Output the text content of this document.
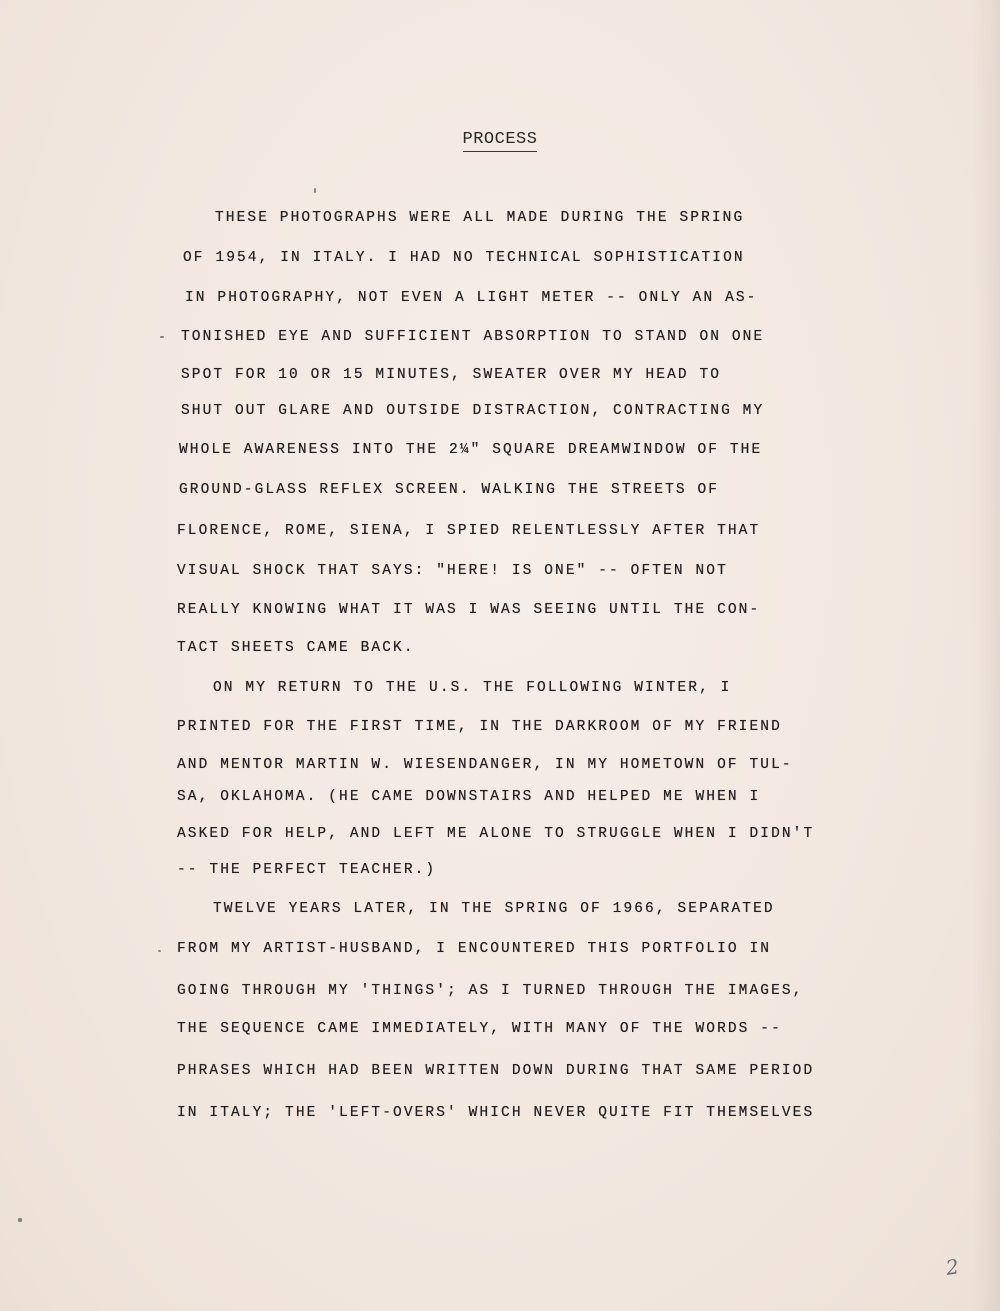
PROCESS
THESE PHOTOGRAPHS WERE ALL MADE DURING THE SPRING
OF 1954, IN ITALY. I HAD NO TECHNICAL SOPHISTICATION
IN PHOTOGRAPHY, NOT EVEN A LIGHT METER -- ONLY AN AS-
TONISHED EYE AND SUFFICIENT ABSORPTION TO STAND ON ONE
SPOT FOR 10 OR 15 MINUTES, SWEATER OVER MY HEAD TO
SHUT OUT GLARE AND OUTSIDE DISTRACTION, CONTRACTING MY
WHOLE AWARENESS INTO THE 2¼" SQUARE DREAMWINDOW OF THE
GROUND-GLASS REFLEX SCREEN. WALKING THE STREETS OF
FLORENCE, ROME, SIENA, I SPIED RELENTLESSLY AFTER THAT
VISUAL SHOCK THAT SAYS: "HERE! IS ONE" -- OFTEN NOT
REALLY KNOWING WHAT IT WAS I WAS SEEING UNTIL THE CON-
TACT SHEETS CAME BACK.
ON MY RETURN TO THE U.S. THE FOLLOWING WINTER, I
PRINTED FOR THE FIRST TIME, IN THE DARKROOM OF MY FRIEND
AND MENTOR MARTIN W. WIESENDANGER, IN MY HOMETOWN OF TUL-
SA, OKLAHOMA. (HE CAME DOWNSTAIRS AND HELPED ME WHEN I
ASKED FOR HELP, AND LEFT ME ALONE TO STRUGGLE WHEN I DIDN'T
-- THE PERFECT TEACHER.)
TWELVE YEARS LATER, IN THE SPRING OF 1966, SEPARATED
FROM MY ARTIST-HUSBAND, I ENCOUNTERED THIS PORTFOLIO IN
GOING THROUGH MY 'THINGS'; AS I TURNED THROUGH THE IMAGES,
THE SEQUENCE CAME IMMEDIATELY, WITH MANY OF THE WORDS --
PHRASES WHICH HAD BEEN WRITTEN DOWN DURING THAT SAME PERIOD
IN ITALY; THE 'LEFT-OVERS' WHICH NEVER QUITE FIT THEMSELVES
2
